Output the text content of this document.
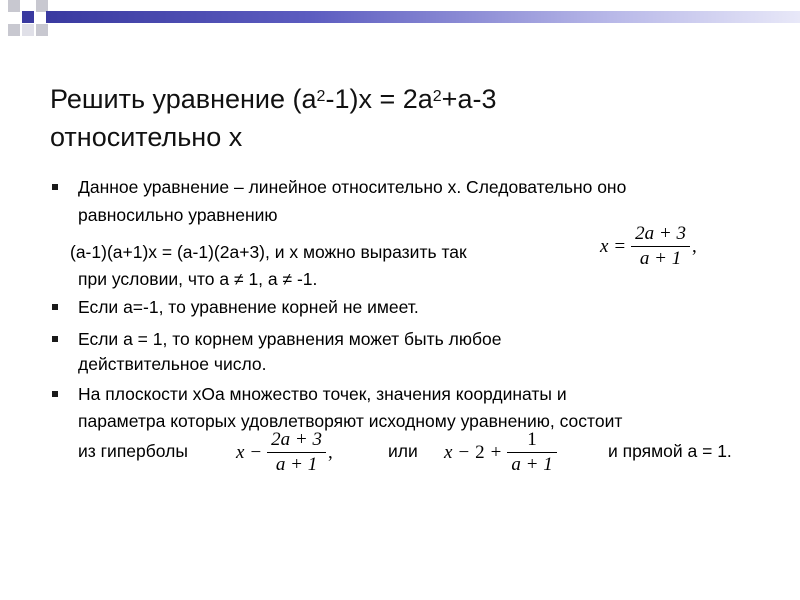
Решить уравнение $(а^2-1)х = 2а^2+а-3$
относительно х
Данное уравнение – линейное относительно х. Следовательно оно
равносильно уравнению
(а-1)(а+1)х = (а-1)(2а+3), и х можно выразить так
при условии, что а ≠ 1, а ≠ -1.
$x = \frac{2a + 3}{a + 1}$ ,
Если а=-1, то уравнение корней не имеет.
Если а = 1, то корнем уравнения может быть любое
действительное число.
На плоскости хОа множество точек, значения координаты и
параметра которых удовлетворяют исходному уравнению, состоит
из гиперболы	или	и прямой а = 1.
$x - \frac{2a + 3}{a + 1}$ ,	$x - 2 + \frac{1}{a + 1}$
